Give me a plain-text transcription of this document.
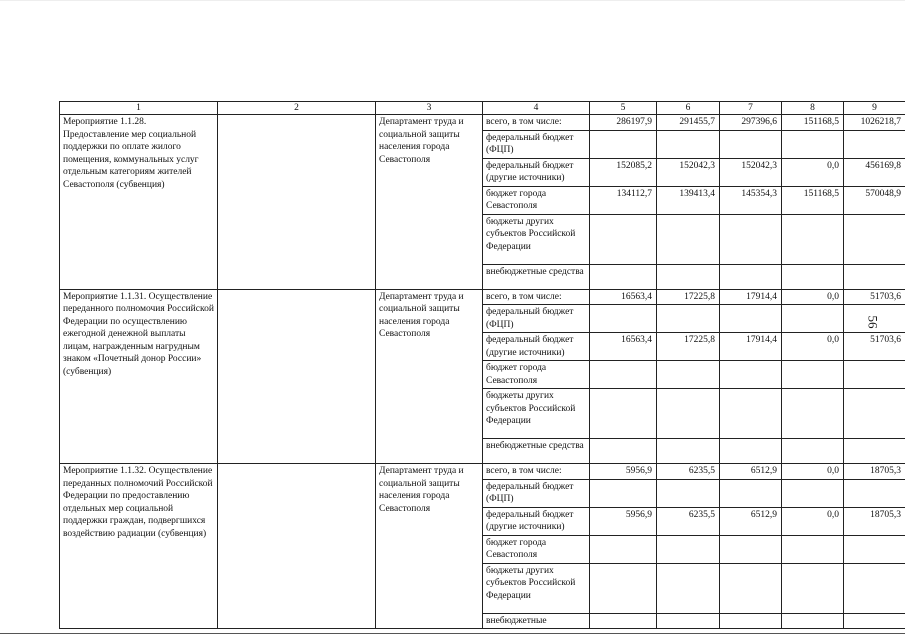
1	2	3	4	5	6	7	8	9
Мероприятие 1.1.28. Предоставление мер социальной поддержки по оплате жилого помещения, коммунальных услуг отдельным категориям жителей Севастополя (субвенция)		Департамент труда и социальной защиты населения города Севастополя	всего, в том числе:	286197,9	291455,7	297396,6	151168,5	1026218,7
			федеральный бюджет (ФЦП)					
			федеральный бюджет (другие источники)	152085,2	152042,3	152042,3	0,0	456169,8
			бюджет города Севастополя	134112,7	139413,4	145354,3	151168,5	570048,9
			бюджеты других субъектов Российской Федерации					
			внебюджетные средства					
Мероприятие 1.1.31. Осуществление переданного полномочия Российской Федерации по осуществлению ежегодной денежной выплаты лицам, награжденным нагрудным знаком «Почетный донор России» (субвенция)		Департамент труда и социальной защиты населения города Севастополя	всего, в том числе:	16563,4	17225,8	17914,4	0,0	51703,6
			федеральный бюджет (ФЦП)					
			федеральный бюджет (другие источники)	16563,4	17225,8	17914,4	0,0	51703,6
			бюджет города Севастополя					
			бюджеты других субъектов Российской Федерации					
			внебюджетные средства					
Мероприятие 1.1.32. Осуществление переданных полномочий Российской Федерации по предоставлению отдельных мер социальной поддержки граждан, подвергшихся воздействию радиации (субвенция)		Департамент труда и социальной защиты населения города Севастополя	всего, в том числе:	5956,9	6235,5	6512,9	0,0	18705,3
			федеральный бюджет (ФЦП)					
			федеральный бюджет (другие источники)	5956,9	6235,5	6512,9	0,0	18705,3
			бюджет города Севастополя					
			бюджеты других субъектов Российской Федерации					
			внебюджетные					
56
